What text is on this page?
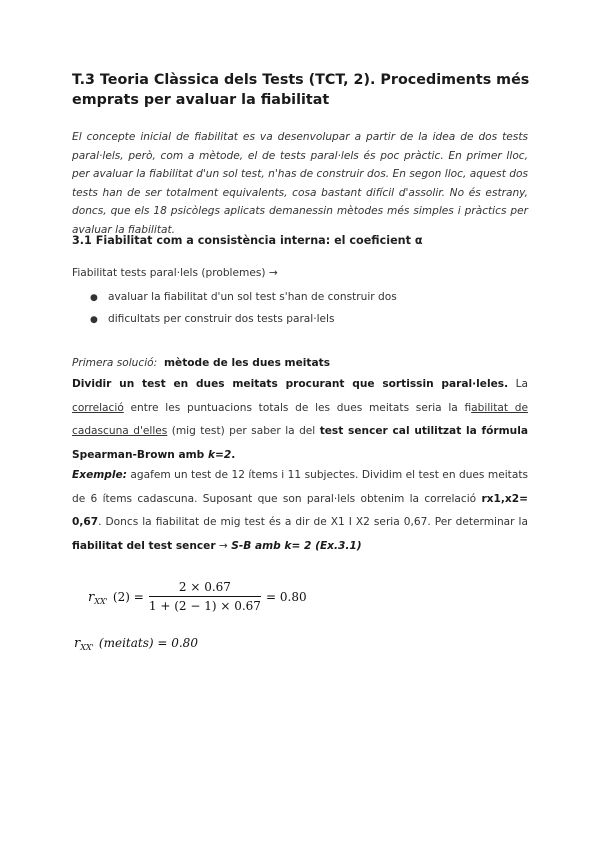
T.3 Teoria Clàssica dels Tests (TCT, 2). Procediments més emprats per avaluar la fiabilitat
El concepte inicial de fiabilitat es va desenvolupar a partir de la idea de dos tests paral·lels, però, com a mètode, el de tests paral·lels és poc pràctic. En primer lloc, per avaluar la fiabilitat d'un sol test, n'has de construir dos. En segon lloc, aquest dos tests han de ser totalment equivalents, cosa bastant difícil d'assolir. No és estrany, doncs, que els 18 psicòlegs aplicats demanessin mètodes més simples i pràctics per avaluar la fiabilitat.
3.1 Fiabilitat com a consistència interna: el coeficient α
Fiabilitat tests paral·lels (problemes) →
● avaluar la fiabilitat d'un sol test s'han de construir dos
● dificultats per construir dos tests paral·lels
Primera solució: mètode de les dues meitats
Dividir un test en dues meitats procurant que sortissin paral·leles. La correlació entre les puntuacions totals de les dues meitats seria la fiabilitat de cadascuna d'elles (mig test) per saber la del test sencer cal utilitzat la fórmula Spearman-Brown amb k=2.
Exemple: agafem un test de 12 ítems i 11 subjectes. Dividim el test en dues meitats de 6 ítems cadascuna. Suposant que son paral·lels obtenim la correlació rx1,x2= 0,67. Doncs la fiabilitat de mig test és a dir de X1 I X2 seria 0,67. Per determinar la fiabilitat del test sencer → S-B amb k= 2 (Ex.3.1)
$r_{XX'}$ $(2) = \frac{2 \times 0.67}{1 + (2 - 1) \times 0.67} = 0.80$
$r_{XX'}$ (meitats) = 0.80
